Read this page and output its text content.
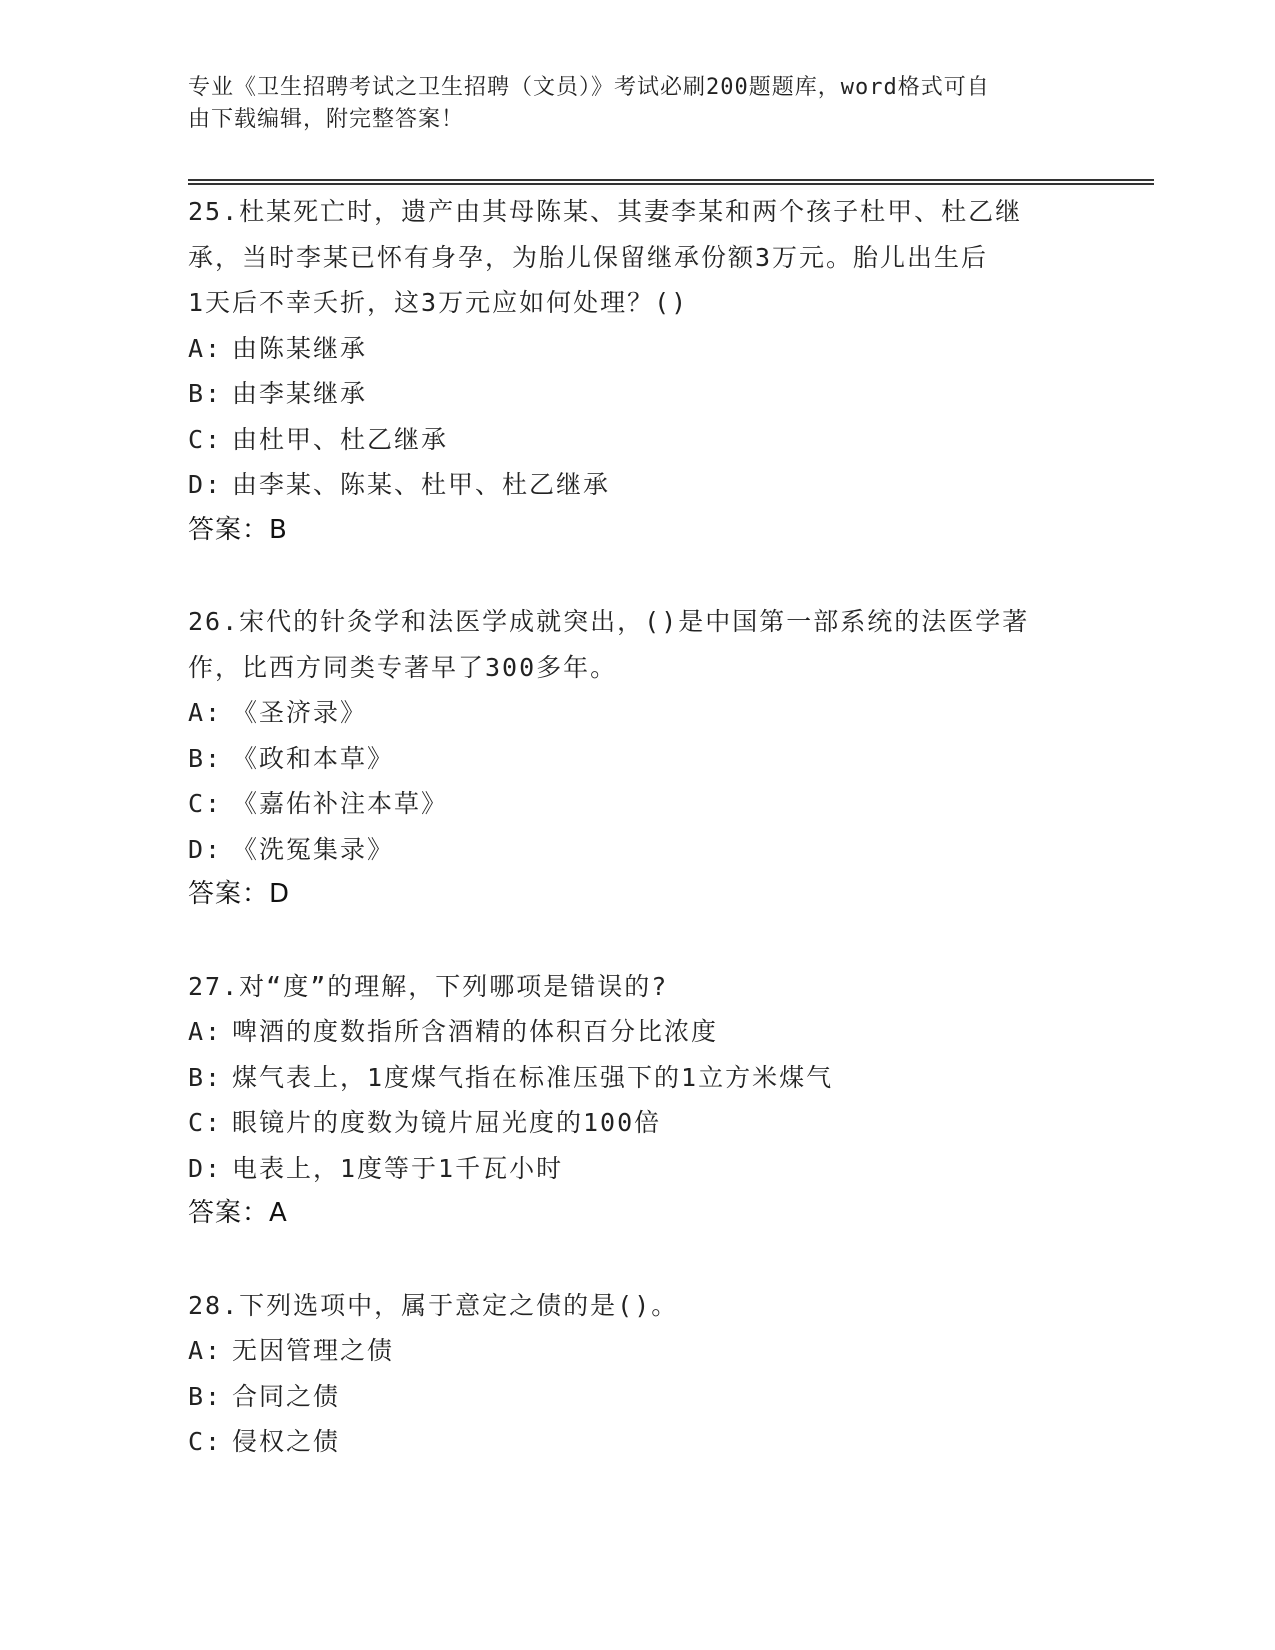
专业《卫生招聘考试之卫生招聘（文员）》考试必刷200题题库，word格式可自
由下载编辑，附完整答案！
25.杜某死亡时，遗产由其母陈某、其妻李某和两个孩子杜甲、杜乙继
承，当时李某已怀有身孕，为胎儿保留继承份额3万元。胎儿出生后
1天后不幸夭折，这3万元应如何处理？()
A: 由陈某继承
B: 由李某继承
C: 由杜甲、杜乙继承
D: 由李某、陈某、杜甲、杜乙继承
答案：B
26.宋代的针灸学和法医学成就突出，()是中国第一部系统的法医学著
作，比西方同类专著早了300多年。
A: 《圣济录》
B: 《政和本草》
C: 《嘉佑补注本草》
D: 《洗冤集录》
答案：D
27.对“度”的理解，下列哪项是错误的?
A: 啤酒的度数指所含酒精的体积百分比浓度
B: 煤气表上，1度煤气指在标准压强下的1立方米煤气
C: 眼镜片的度数为镜片屈光度的100倍
D: 电表上，1度等于1千瓦小时
答案：A
28.下列选项中，属于意定之债的是()。
A: 无因管理之债
B: 合同之债
C: 侵权之债
